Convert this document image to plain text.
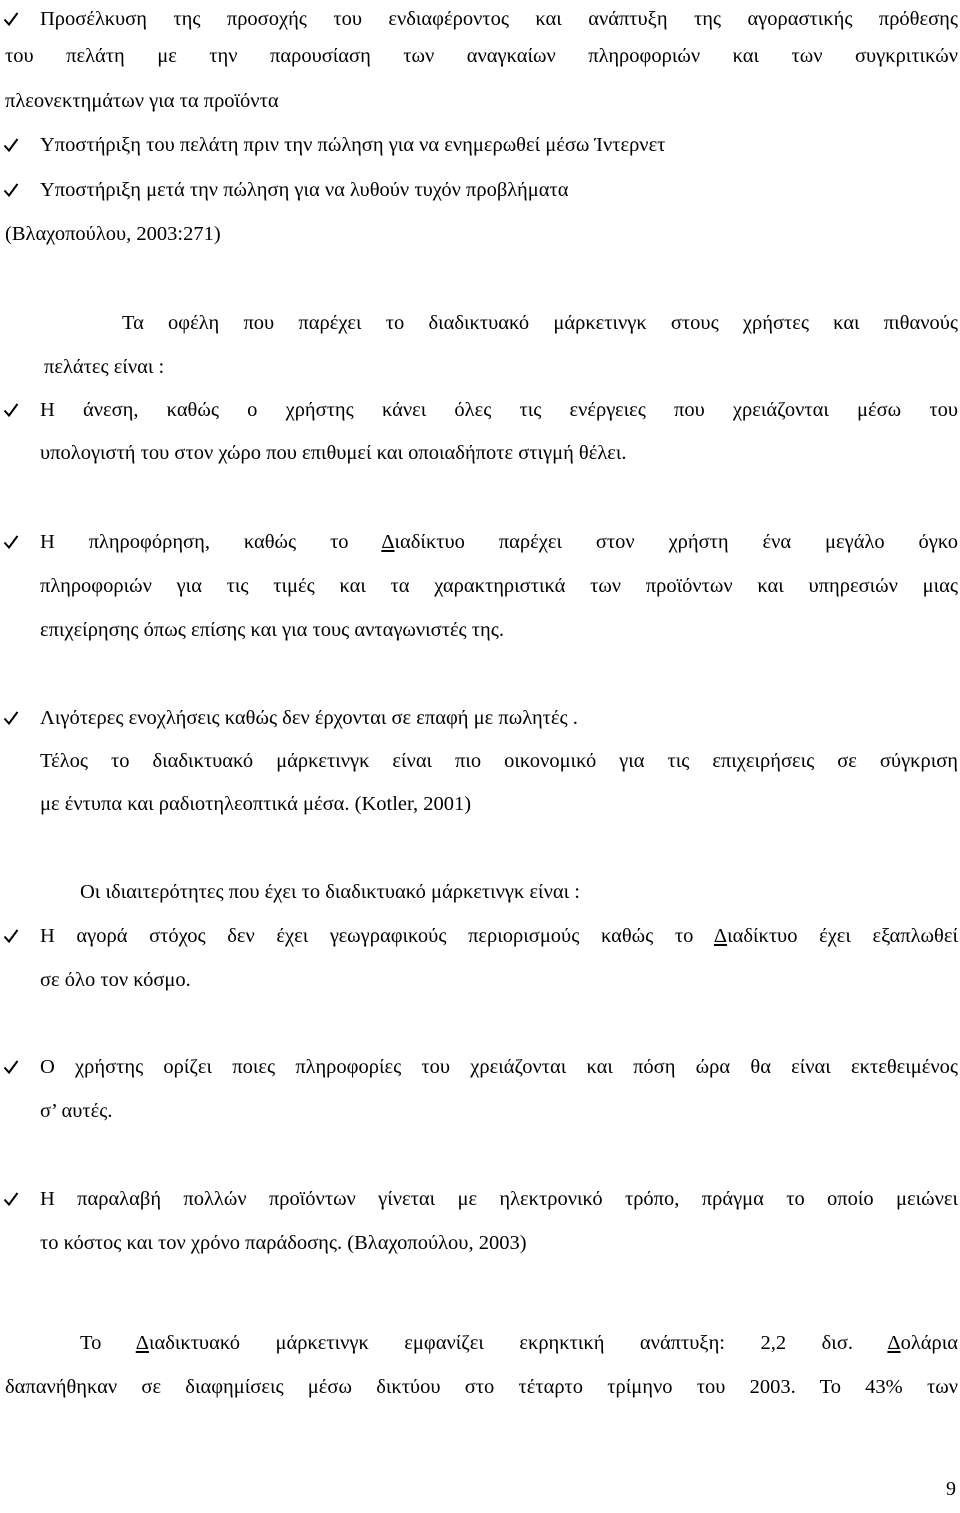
Προσέλκυση της προσοχής του ενδιαφέροντος και ανάπτυξη της αγοραστικής πρόθεσης
του πελάτη με την παρουσίαση των αναγκαίων πληροφοριών και των συγκριτικών
πλεονεκτημάτων για τα προϊόντα
Υποστήριξη του πελάτη πριν την πώληση για να ενημερωθεί μέσω Ίντερνετ
Υποστήριξη μετά την πώληση για να λυθούν τυχόν προβλήματα
(Βλαχοπούλου, 2003:271)
Τα οφέλη που παρέχει το διαδικτυακό μάρκετινγκ στους χρήστες και πιθανούς
πελάτες είναι :
Η άνεση, καθώς ο χρήστης κάνει όλες τις ενέργειες που χρειάζονται μέσω του
υπολογιστή του στον χώρο που επιθυμεί και οποιαδήποτε στιγμή θέλει.
Η πληροφόρηση, καθώς το Διαδίκτυο παρέχει στον χρήστη ένα μεγάλο όγκο
πληροφοριών για τις τιμές και τα χαρακτηριστικά των προϊόντων και υπηρεσιών μιας
επιχείρησης όπως επίσης και για τους ανταγωνιστές της.
Λιγότερες ενοχλήσεις καθώς δεν έρχονται σε επαφή με πωλητές .
Τέλος το διαδικτυακό μάρκετινγκ είναι πιο οικονομικό για τις επιχειρήσεις σε σύγκριση
με έντυπα και ραδιοτηλεοπτικά μέσα. (Kotler, 2001)
Οι ιδιαιτερότητες που έχει το διαδικτυακό μάρκετινγκ είναι :
Η αγορά στόχος δεν έχει γεωγραφικούς περιορισμούς καθώς το Διαδίκτυο έχει εξαπλωθεί
σε όλο τον κόσμο.
Ο χρήστης ορίζει ποιες πληροφορίες του χρειάζονται και πόση ώρα θα είναι εκτεθειμένος
σ’ αυτές.
Η παραλαβή πολλών προϊόντων γίνεται με ηλεκτρονικό τρόπο, πράγμα το οποίο μειώνει
το κόστος και τον χρόνο παράδοσης. (Βλαχοπούλου, 2003)
Το Διαδικτυακό μάρκετινγκ εμφανίζει εκρηκτική ανάπτυξη: 2,2 δισ. Δολάρια
δαπανήθηκαν σε διαφημίσεις μέσω δικτύου στο τέταρτο τρίμηνο του 2003. Το 43% των
9
